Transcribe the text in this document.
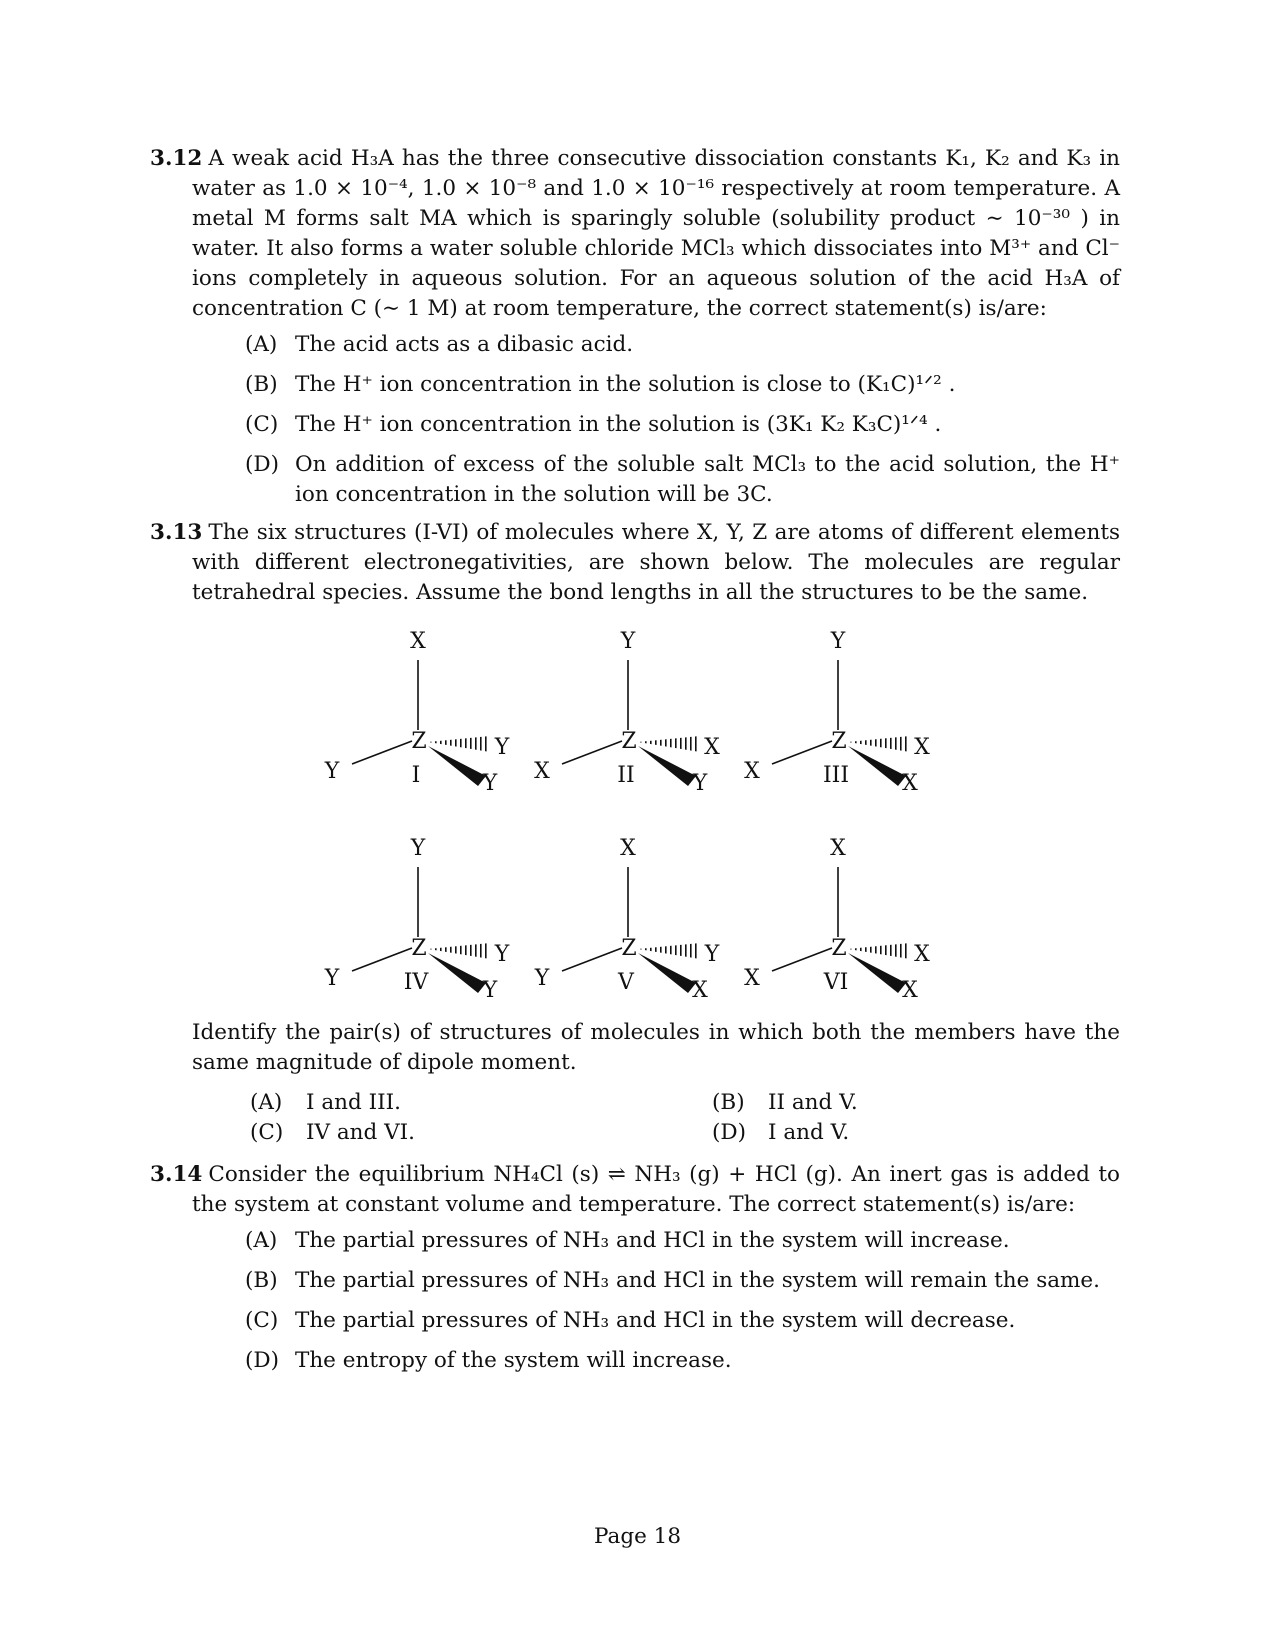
3.12 A weak acid H₃A has the three consecutive dissociation constants K₁, K₂ and K₃ in water as 1.0 × 10⁻⁴, 1.0 × 10⁻⁸ and 1.0 × 10⁻¹⁶ respectively at room temperature. A metal M forms salt MA which is sparingly soluble (solubility product ∼ 10⁻³⁰ ) in water. It also forms a water soluble chloride MCl₃ which dissociates into M³⁺ and Cl⁻ ions completely in aqueous solution. For an aqueous solution of the acid H₃A of concentration C (∼ 1 M) at room temperature, the correct statement(s) is/are:
(A) The acid acts as a dibasic acid.
(B) The H⁺ ion concentration in the solution is close to (K₁C)¹ᐟ² .
(C) The H⁺ ion concentration in the solution is (3K₁ K₂ K₃C)¹ᐟ⁴ .
(D) On addition of excess of the soluble salt MCl₃ to the acid solution, the H⁺ ion concentration in the solution will be 3C.
3.13 The six structures (I-VI) of molecules where X, Y, Z are atoms of different elements with different electronegativities, are shown below. The molecules are regular tetrahedral species. Assume the bond lengths in all the structures to be the same.
X
Z
Y
Y
Y
I
Y
Z
X
X
Y
II
Y
Z
X
X
X
III
Y
Z
Y
Y
Y
IV
X
Z
Y
Y
X
V
X
Z
X
X
X
VI
Identify the pair(s) of structures of molecules in which both the members have the same magnitude of dipole moment.
(A) I and III.	(B) II and V.
(C) IV and VI.	(D) I and V.
3.14 Consider the equilibrium NH₄Cl (s) ⇌ NH₃ (g) + HCl (g). An inert gas is added to the system at constant volume and temperature. The correct statement(s) is/are:
(A) The partial pressures of NH₃ and HCl in the system will increase.
(B) The partial pressures of NH₃ and HCl in the system will remain the same.
(C) The partial pressures of NH₃ and HCl in the system will decrease.
(D) The entropy of the system will increase.
Page 18
